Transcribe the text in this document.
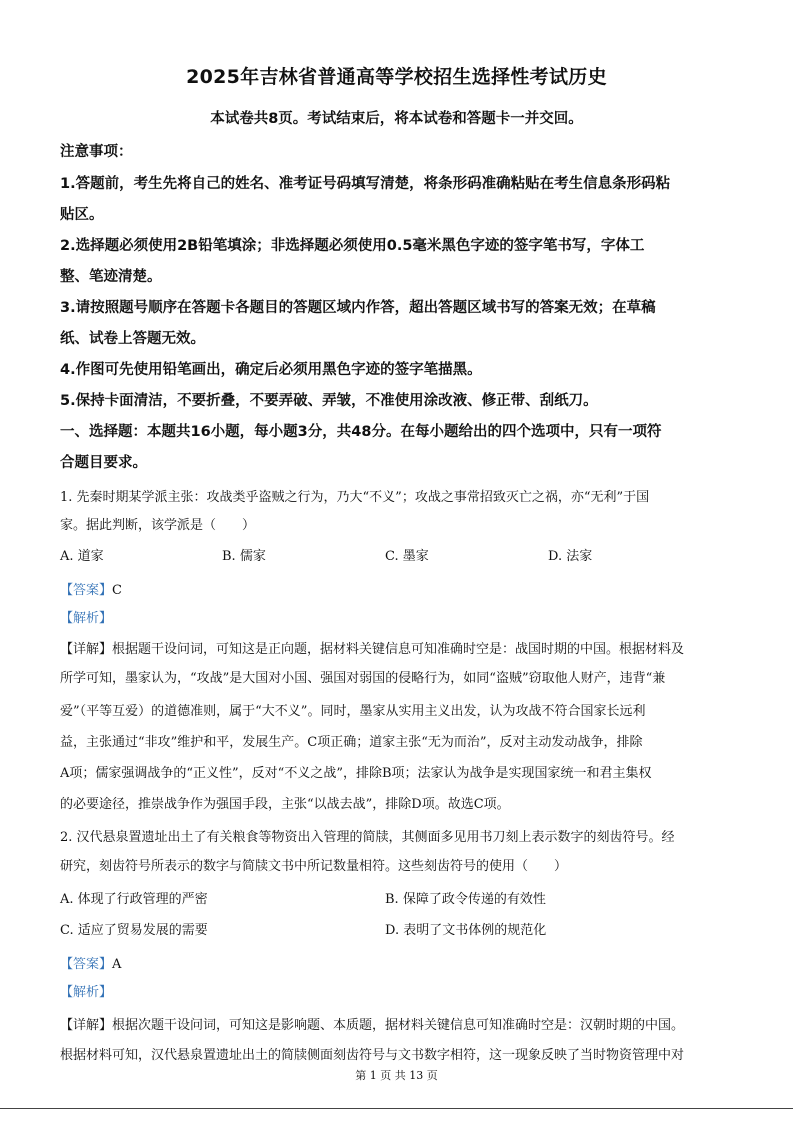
2025年吉林省普通高等学校招生选择性考试历史
本试卷共8页。考试结束后，将本试卷和答题卡一并交回。
注意事项：
1.答题前，考生先将自己的姓名、准考证号码填写清楚，将条形码准确粘贴在考生信息条形码粘
贴区。
2.选择题必须使用2B铅笔填涂；非选择题必须使用0.5毫米黑色字迹的签字笔书写，字体工
整、笔迹清楚。
3.请按照题号顺序在答题卡各题目的答题区域内作答，超出答题区域书写的答案无效；在草稿
纸、试卷上答题无效。
4.作图可先使用铅笔画出，确定后必须用黑色字迹的签字笔描黑。
5.保持卡面清洁，不要折叠，不要弄破、弄皱，不准使用涂改液、修正带、刮纸刀。
一、选择题：本题共16小题，每小题3分，共48分。在每小题给出的四个选项中，只有一项符
合题目要求。
1. 先秦时期某学派主张：攻战类乎盗贼之行为，乃大“不义”；攻战之事常招致灭亡之祸，亦“无利”于国
家。据此判断，该学派是（　　）
A. 道家	B. 儒家	C. 墨家	D. 法家
【答案】C
【解析】
【详解】根据题干设问词，可知这是正向题，据材料关键信息可知准确时空是：战国时期的中国。根据材料及
所学可知，墨家认为，“攻战”是大国对小国、强国对弱国的侵略行为，如同“盗贼”窃取他人财产，违背“兼
爱”（平等互爱）的道德准则，属于“大不义”。同时，墨家从实用主义出发，认为攻战不符合国家长远利
益，主张通过“非攻”维护和平，发展生产。C项正确；道家主张“无为而治”，反对主动发动战争，排除
A项；儒家强调战争的“正义性”，反对“不义之战”，排除B项；法家认为战争是实现国家统一和君主集权
的必要途径，推崇战争作为强国手段，主张“以战去战”，排除D项。故选C项。
2. 汉代悬泉置遗址出土了有关粮食等物资出入管理的简牍，其侧面多见用书刀刻上表示数字的刻齿符号。经
研究，刻齿符号所表示的数字与简牍文书中所记数量相符。这些刻齿符号的使用（　　）
A. 体现了行政管理的严密	B. 保障了政令传递的有效性
C. 适应了贸易发展的需要	D. 表明了文书体例的规范化
【答案】A
【解析】
【详解】根据次题干设问词，可知这是影响题、本质题，据材料关键信息可知准确时空是：汉朝时期的中国。
根据材料可知，汉代悬泉置遗址出土的简牍侧面刻齿符号与文书数字相符，这一现象反映了当时物资管理中对
第 1 页 共 13 页
